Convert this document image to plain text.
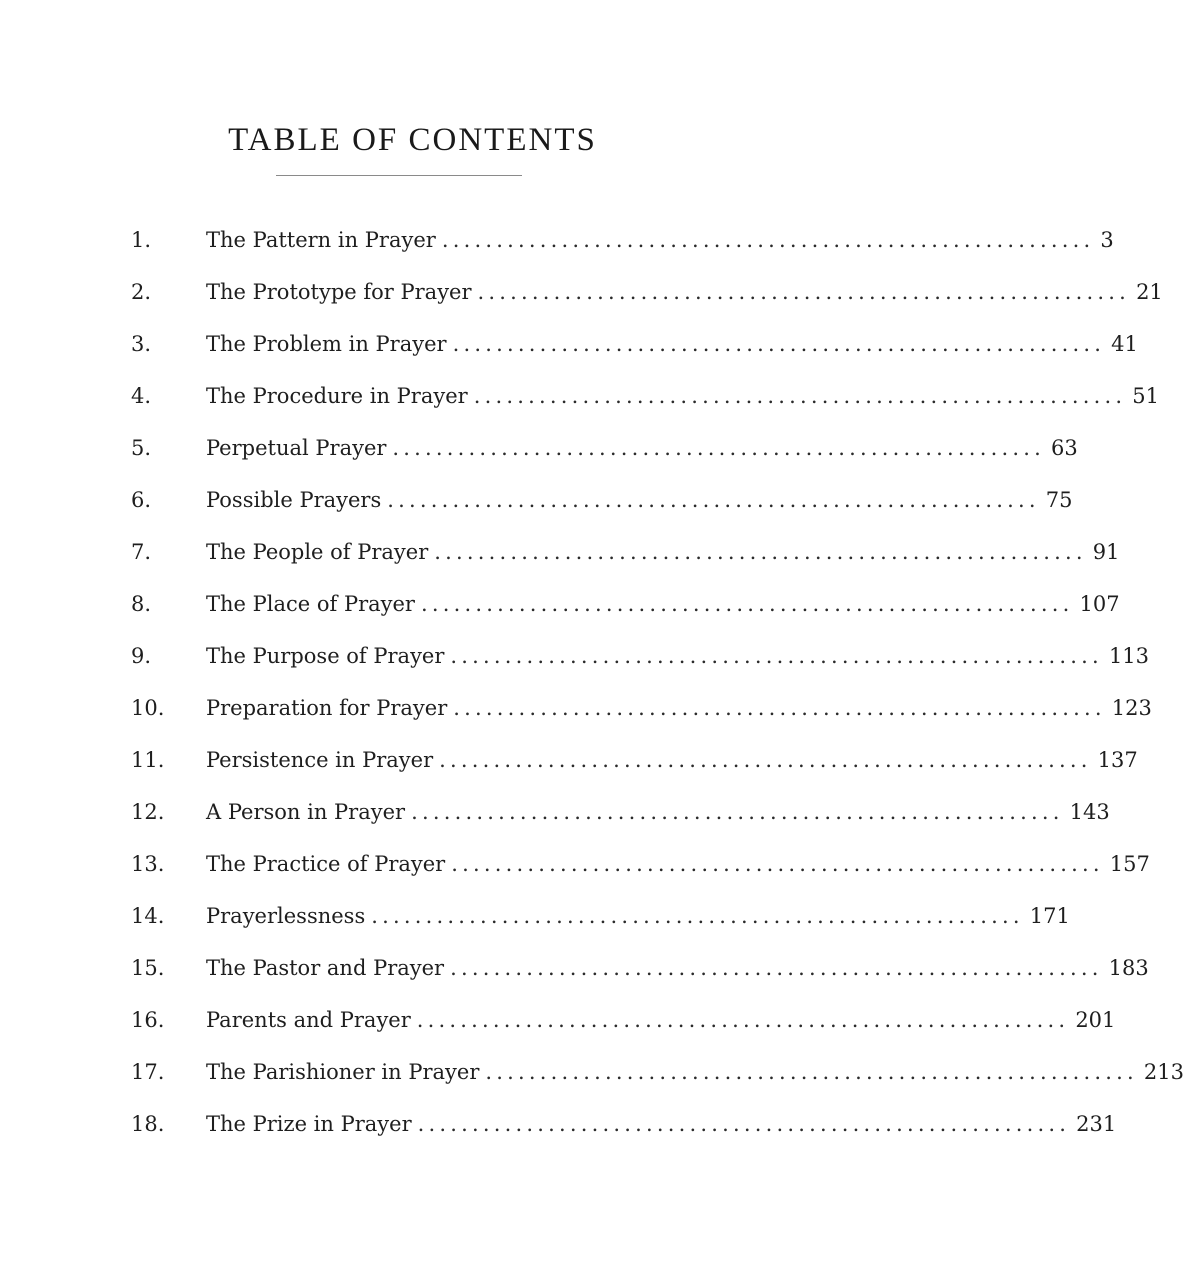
TABLE OF CONTENTS
1.	The Pattern in Prayer ............................................................ 3
2.	The Prototype for Prayer ............................................................ 21
3.	The Problem in Prayer ............................................................ 41
4.	The Procedure in Prayer ............................................................ 51
5.	Perpetual Prayer ............................................................ 63
6.	Possible Prayers ............................................................ 75
7.	The People of Prayer ............................................................ 91
8.	The Place of Prayer ............................................................ 107
9.	The Purpose of Prayer ............................................................ 113
10.	Preparation for Prayer ............................................................ 123
11.	Persistence in Prayer ............................................................ 137
12.	A Person in Prayer ............................................................ 143
13.	The Practice of Prayer ............................................................ 157
14.	Prayerlessness ............................................................ 171
15.	The Pastor and Prayer ............................................................ 183
16.	Parents and Prayer ............................................................ 201
17.	The Parishioner in Prayer ............................................................ 213
18.	The Prize in Prayer ............................................................ 231
